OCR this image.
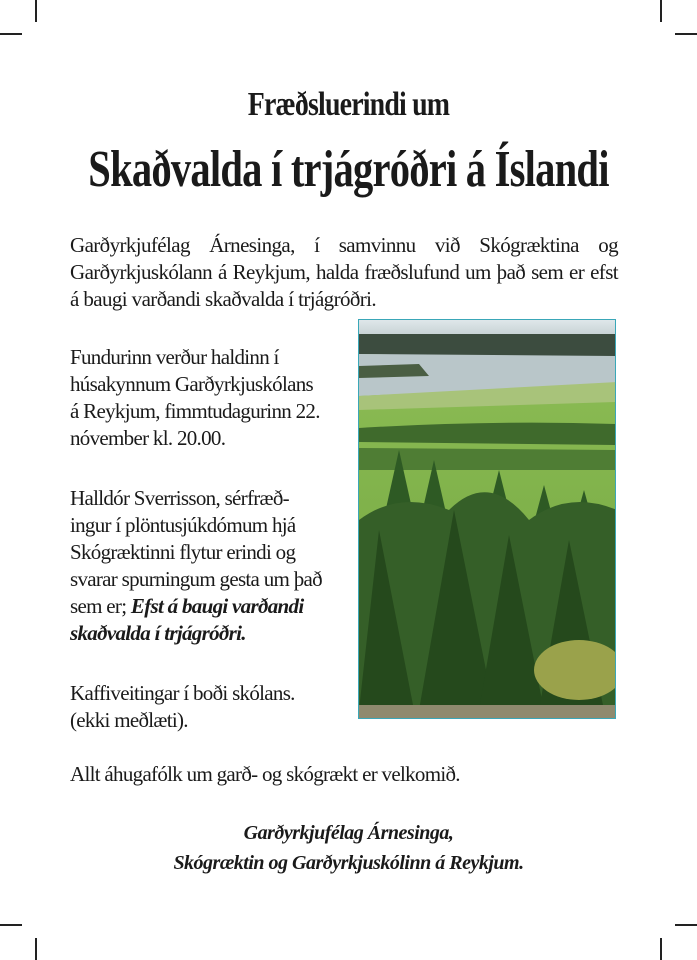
Fræðsluerindi um
Skaðvalda í trjágróðri á Íslandi
Garðyrkjufélag Árnesinga, í samvinnu við Skógræktina og Garðyrkjuskólann á Reykjum, halda fræðslufund um það sem er efst á baugi varðandi skaðvalda í trjágróðri.
Fundurinn verður haldinn í
húsakynnum Garðyrkjuskólans
á Reykjum, fimmtudagurinn 22.
nóvember kl. 20.00.
Halldór Sverrisson, sérfræð-
ingur í plöntusjúkdómum hjá
Skógræktinni flytur erindi og
svarar spurningum gesta um það
sem er; Efst á baugi varðandi
skaðvalda í trjágróðri.
Kaffiveitingar í boði skólans.
(ekki meðlæti).
Allt áhugafólk um garð- og skógrækt er velkomið.
Garðyrkjufélag Árnesinga,
Skógræktin og Garðyrkjuskólinn á Reykjum.
